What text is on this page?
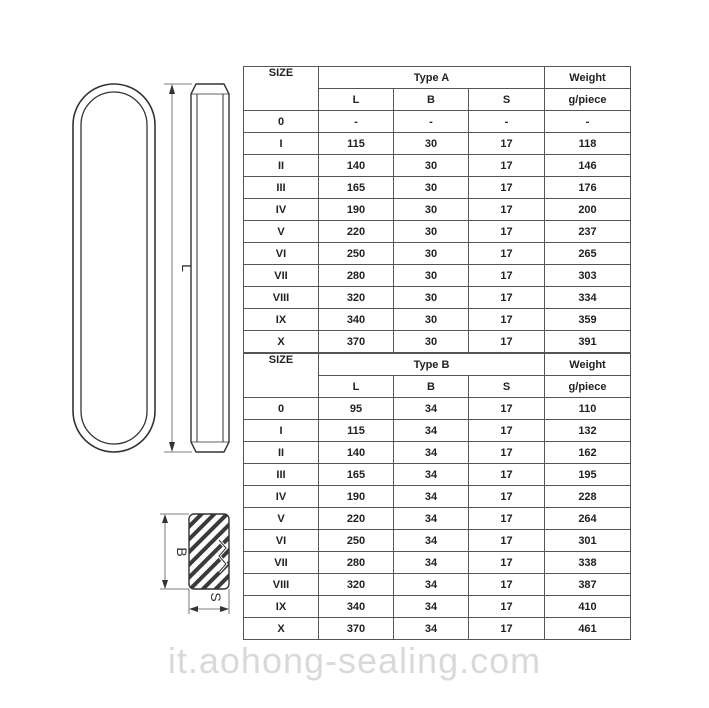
L
B
S
SIZE	Type A			Weight
	L	B	S	g/piece
0	-	-	-	-
I	115	30	17	118
II	140	30	17	146
III	165	30	17	176
IV	190	30	17	200
V	220	30	17	237
VI	250	30	17	265
VII	280	30	17	303
VIII	320	30	17	334
IX	340	30	17	359
X	370	30	17	391
SIZE	Type B			Weight
	L	B	S	g/piece
0	95	34	17	110
I	115	34	17	132
II	140	34	17	162
III	165	34	17	195
IV	190	34	17	228
V	220	34	17	264
VI	250	34	17	301
VII	280	34	17	338
VIII	320	34	17	387
IX	340	34	17	410
X	370	34	17	461
it.aohong-sealing.com
